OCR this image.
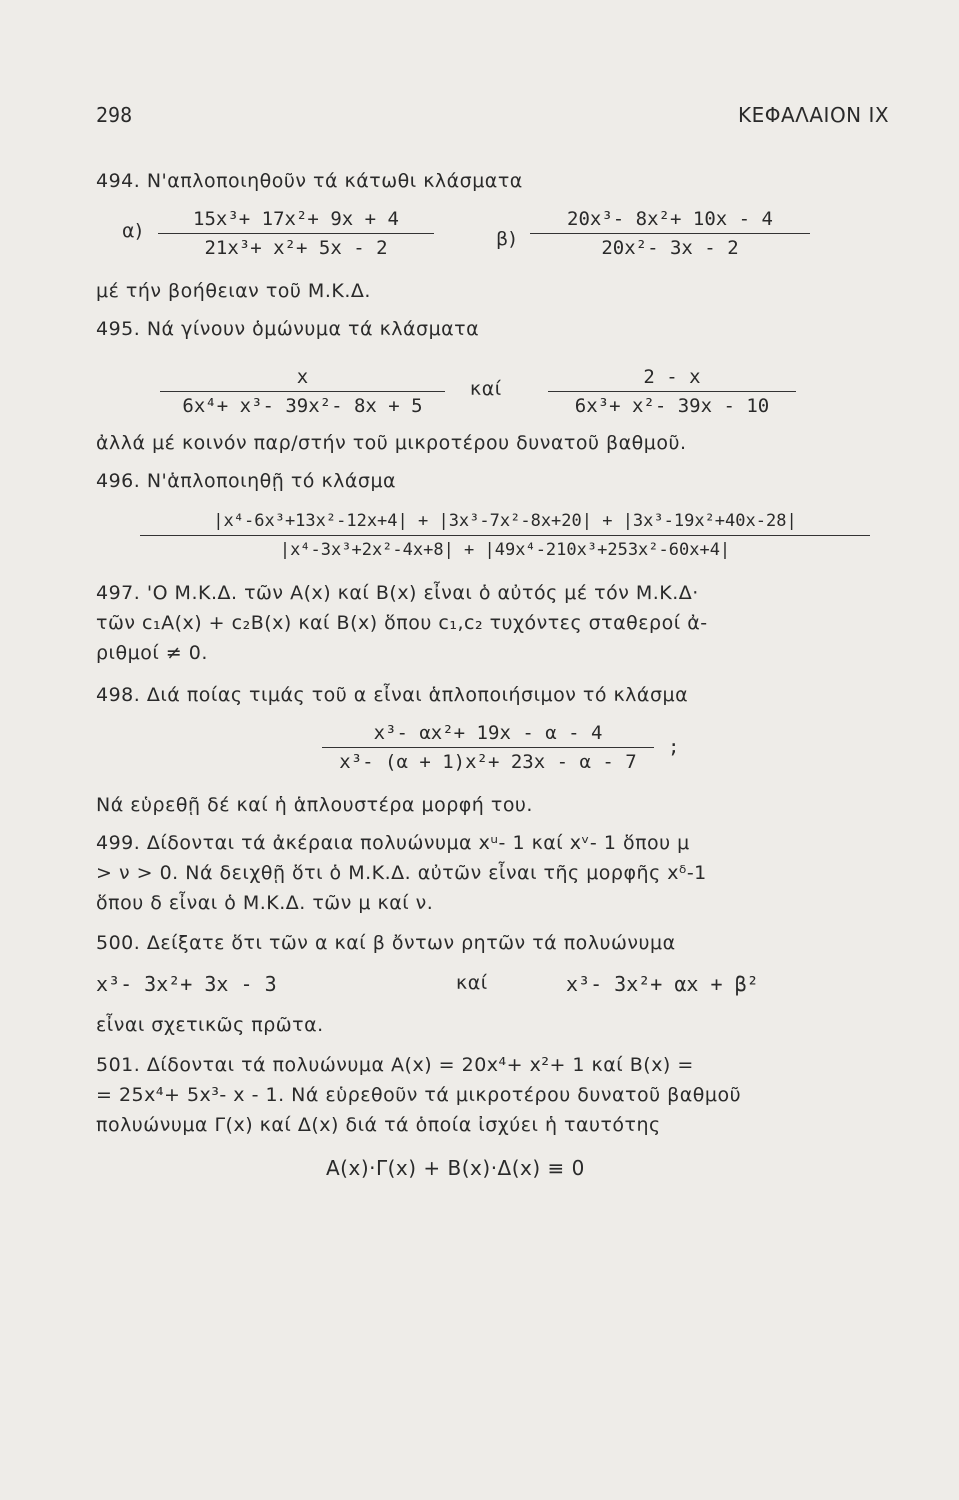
298	ΚΕΦΑΛΑΙΟΝ ΙΧ
494. Ν'απλοποιηθοῦν τά κάτωθι κλάσματα
α)
15x³+ 17x²+ 9x + 4
21x³+ x²+ 5x - 2	β)
20x³- 8x²+ 10x - 4
20x²- 3x - 2
μέ τήν βοήθειαν τοῦ Μ.Κ.Δ.
495. Νά γίνουν ὁμώνυμα τά κλάσματα
x
6x⁴+ x³- 39x²- 8x + 5
καί
2 - x
6x³+ x²- 39x - 10
ἀλλά μέ κοινόν παρ/στήν τοῦ μικροτέρου δυνατοῦ βαθμοῦ.
496. Ν'ἁπλοποιηθῇ τό κλάσμα
|x⁴-6x³+13x²-12x+4| + |3x³-7x²-8x+20| + |3x³-19x²+40x-28|
|x⁴-3x³+2x²-4x+8| + |49x⁴-210x³+253x²-60x+4|
497. 'Ο Μ.Κ.Δ. τῶν Α(x) καί Β(x) εἶναι ὁ αὐτός μέ τόν Μ.Κ.Δ·
τῶν c₁Α(x) + c₂Β(x) καί Β(x) ὅπου c₁,c₂ τυχόντες σταθεροί ἀ-
ριθμοί ≠ 0.
498. Διά ποίας τιμάς τοῦ α εἶναι ἁπλοποιήσιμον τό κλάσμα
x³- αx²+ 19x - α - 4
x³- (α + 1)x²+ 23x - α - 7
;
Νά εὑρεθῇ δέ καί ἡ ἁπλουστέρα μορφή του.
499. Δίδονται τά ἀκέραια πολυώνυμα xᵘ- 1 καί xᵛ- 1 ὅπου μ
> ν > 0. Νά δειχθῇ ὅτι ὁ Μ.Κ.Δ. αὐτῶν εἶναι τῆς μορφῆς xᵟ-1
ὅπου δ εἶναι ὁ Μ.Κ.Δ. τῶν μ καί ν.
500. Δείξατε ὅτι τῶν α καί β ὄντων ρητῶν τά πολυώνυμα
x³- 3x²+ 3x - 3	καί	x³- 3x²+ αx + β²
εἶναι σχετικῶς πρῶτα.
501. Δίδονται τά πολυώνυμα Α(x) = 20x⁴+ x²+ 1 καί Β(x) =
= 25x⁴+ 5x³- x - 1. Νά εὑρεθοῦν τά μικροτέρου δυνατοῦ βαθμοῦ
πολυώνυμα Γ(x) καί Δ(x) διά τά ὁποία ἰσχύει ἡ ταυτότης
Α(x)·Γ(x) + Β(x)·Δ(x) ≡ 0
